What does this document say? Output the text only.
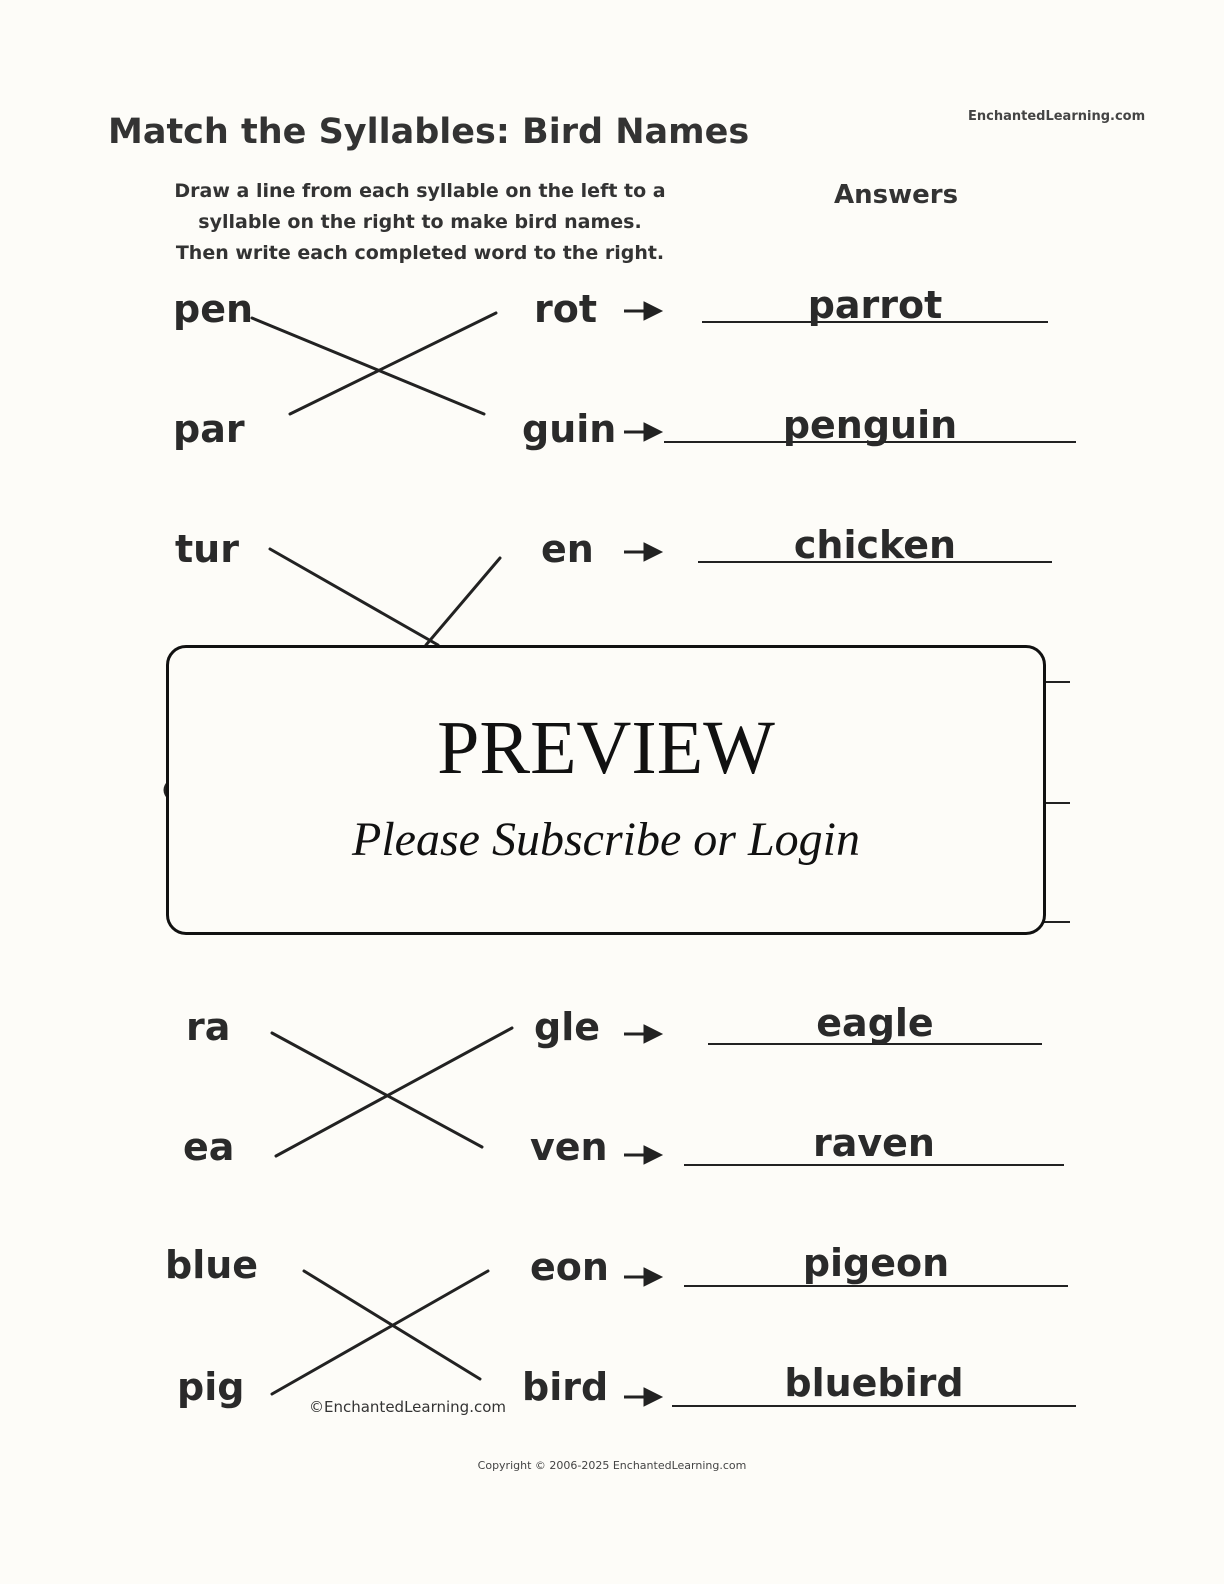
Match the Syllables: Bird Names	EnchantedLearning.com
Draw a line from each syllable on the left to a
syllable on the right to make bird names.
Then write each completed word to the right.
Answers
pen	rot	parrot
par	guin	penguin
tur	en	chicken
PREVIEW
Please Subscribe or Login
ra	gle	eagle
ea	ven	raven
blue	eon	pigeon
pig	bird	bluebird
©EnchantedLearning.com
Copyright © 2006-2025 EnchantedLearning.com
